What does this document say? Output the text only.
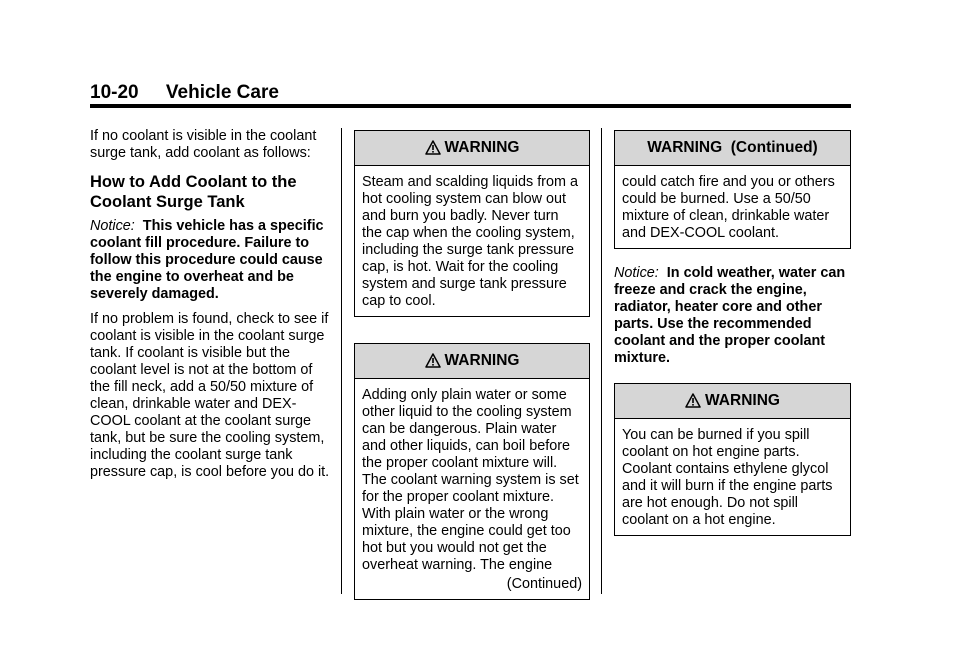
10-20 Vehicle Care

If no coolant is visible in the coolant surge tank, add coolant as follows:

How to Add Coolant to the Coolant Surge Tank

Notice: This vehicle has a specific coolant fill procedure. Failure to follow this procedure could cause the engine to overheat and be severely damaged.

If no problem is found, check to see if coolant is visible in the coolant surge tank. If coolant is visible but the coolant level is not at the bottom of the fill neck, add a 50/50 mixture of clean, drinkable water and DEX-COOL coolant at the coolant surge tank, but be sure the cooling system, including the coolant surge tank pressure cap, is cool before you do it.

WARNING
Steam and scalding liquids from a hot cooling system can blow out and burn you badly. Never turn the cap when the cooling system, including the surge tank pressure cap, is hot. Wait for the cooling system and surge tank pressure cap to cool.
WARNING
Adding only plain water or some other liquid to the cooling system can be dangerous. Plain water and other liquids, can boil before the proper coolant mixture will. The coolant warning system is set for the proper coolant mixture. With plain water or the wrong mixture, the engine could get too hot but you would not get the overheat warning. The engine
(Continued)
WARNING  (Continued)
could catch fire and you or others could be burned. Use a 50/50 mixture of clean, drinkable water and DEX-COOL coolant.

Notice: In cold weather, water can freeze and crack the engine, radiator, heater core and other parts. Use the recommended coolant and the proper coolant mixture.

WARNING
You can be burned if you spill coolant on hot engine parts. Coolant contains ethylene glycol and it will burn if the engine parts are hot enough. Do not spill coolant on a hot engine.
